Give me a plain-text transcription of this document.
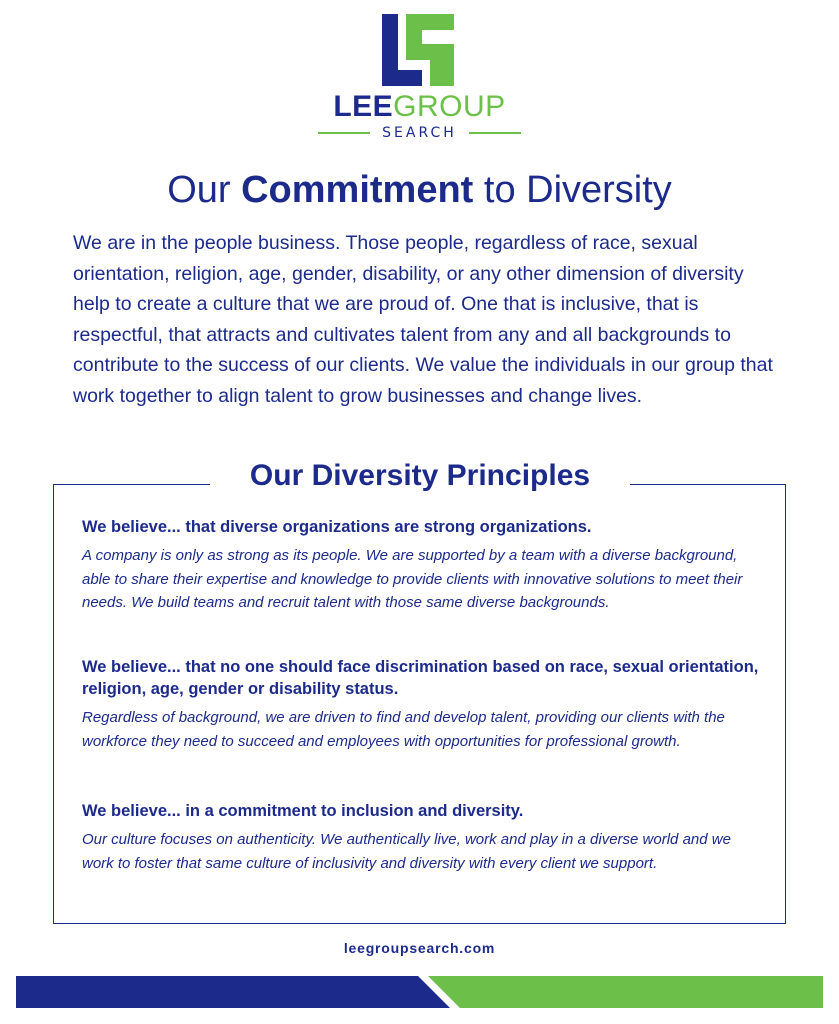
LEEGROUP
SEARCH
Our Commitment to Diversity
We are in the people business. Those people, regardless of race, sexual orientation, religion, age, gender, disability, or any other dimension of diversity help to create a culture that we are proud of. One that is inclusive, that is respectful, that attracts and cultivates talent from any and all backgrounds to contribute to the success of our clients. We value the individuals in our group that work together to align talent to grow businesses and change lives.
Our Diversity Principles
We believe... that diverse organizations are strong organizations.

A company is only as strong as its people. We are supported by a team with a diverse background, able to share their expertise and knowledge to provide clients with innovative solutions to meet their needs. We build teams and recruit talent with those same diverse backgrounds.

We believe... that no one should face discrimination based on race, sexual orientation, religion, age, gender or disability status.

Regardless of background, we are driven to find and develop talent, providing our clients with the workforce they need to succeed and employees with opportunities for professional growth.

We believe... in a commitment to inclusion and diversity.

Our culture focuses on authenticity. We authentically live, work and play in a diverse world and we work to foster that same culture of inclusivity and diversity with every client we support.

leegroupsearch.com
